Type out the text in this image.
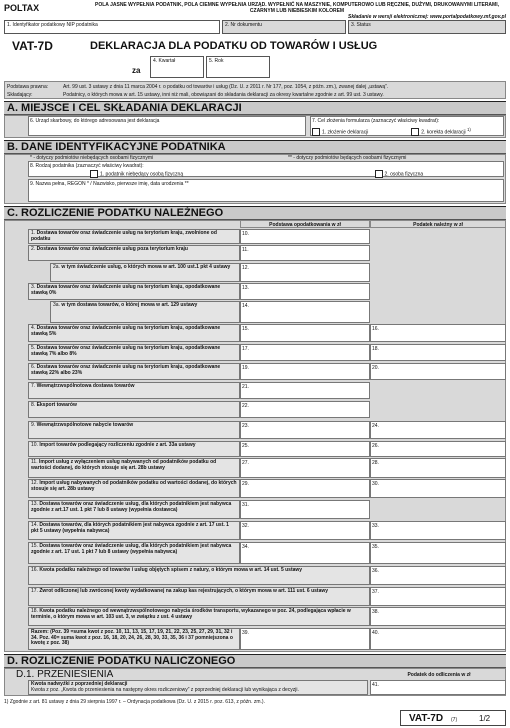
POLTAX	POLA JASNE WYPEŁNIA PODATNIK, POLA CIEMNE WYPEŁNIA URZĄD. WYPEŁNIĆ NA MASZYNIE, KOMPUTEROWO LUB RĘCZNIE, DUŻYMI, DRUKOWANYMI LITERAMI, CZARNYM LUB NIEBIESKIM KOLOREM
Składanie w wersji elektronicznej: www.portalpodatkowy.mf.gov.pl
1. Identyfikator podatkowy NIP podatnika	2. Nr dokumentu	3. Status
VAT-7D	DEKLARACJA DLA PODATKU OD TOWARÓW I USŁUG
za
4. Kwartał	5. Rok
Podstawa prawna:	Art. 99 ust. 3 ustawy z dnia 11 marca 2004 r. o podatku od towarów i usług (Dz. U. z 2011 r. Nr 177, poz. 1054, z późn. zm.), zwanej dalej „ustawą”.
Składający:	Podatnicy, o których mowa w art. 15 ustawy, inni niż mali, obowiązani do składania deklaracji za okresy kwartalne zgodnie z art. 99 ust. 3 ustawy.
A. MIEJSCE I CEL SKŁADANIA DEKLARACJI
6. Urząd skarbowy, do którego adresowana jest deklaracja	7. Cel złożenia formularza (zaznaczyć właściwy kwadrat):
1. złożenie deklaracji	2. korekta deklaracji $^{1)}$
B. DANE IDENTYFIKACYJNE PODATNIKA
* - dotyczy podmiotów niebędących osobami fizycznymi	** - dotyczy podmiotów będących osobami fizycznymi
8. Rodzaj podatnika (zaznaczyć właściwy kwadrat):
1. podatnik niebędący osobą fizyczną	2. osoba fizyczna
9. Nazwa pełna, REGON * / Nazwisko, pierwsze imię, data urodzenia **
C. ROZLICZENIE PODATKU NALEŻNEGO
Podstawa opodatkowania w zł	Podatek należny w zł
1. Dostawa towarów oraz świadczenie usług na terytorium kraju, zwolnione od podatku
10.
2. Dostawa towarów oraz świadczenie usług poza terytorium kraju	11.
2a. w tym świadczenie usług, o których mowa w art. 100 ust.1 pkt 4 ustawy	12.
3. Dostawa towarów oraz świadczenie usług na terytorium kraju, opodatkowane stawką 0%
13.
3a. w tym dostawa towarów, o której mowa w art. 129 ustawy	14.
4. Dostawa towarów oraz świadczenie usług na terytorium kraju, opodatkowane stawką 5%
15.	16.
5. Dostawa towarów oraz świadczenie usług na terytorium kraju, opodatkowane stawką 7% albo 8%
17.	18.
6. Dostawa towarów oraz świadczenie usług na terytorium kraju, opodatkowane stawką 22% albo 23%
19.	20.
7. Wewnątrzwspólnotowa dostawa towarów	21.
8. Eksport towarów	22.
9. Wewnątrzwspólnotowe nabycie towarów	23.	24.
10. Import towarów podlegający rozliczeniu zgodnie z art. 33a ustawy	25.	26.
11. Import usług z wyłączeniem usług nabywanych od podatników podatku od wartości dodanej, do których stosuje się art. 28b ustawy
27.	28.
12. Import usług nabywanych od podatników podatku od wartości dodanej, do których stosuje się art. 28b ustawy
29.	30.
13. Dostawa towarów oraz świadczenie usług, dla których podatnikiem jest nabywca zgodnie z art.17 ust. 1 pkt 7 lub 8 ustawy (wypełnia dostawca)
31.
14. Dostawa towarów, dla których podatnikiem jest nabywca zgodnie z art. 17 ust. 1 pkt 5 ustawy (wypełnia nabywca)
32.	33.
15. Dostawa towarów oraz świadczenie usług, dla których podatnikiem jest nabywca zgodnie z art. 17 ust. 1 pkt 7 lub 8 ustawy (wypełnia nabywca)
34.	35.
16. Kwota podatku należnego od towarów i usług objętych spisem z natury, o którym mowa w art. 14 ust. 5 ustawy	36.
17. Zwrot odliczonej lub zwróconej kwoty wydatkowanej na zakup kas rejestrujących, o którym mowa w art. 111 ust. 6 ustawy	37.
18. Kwota podatku należnego od wewnątrzwspólnotowego nabycia środków transportu, wykazanego w poz. 24, podlegająca wpłacie w terminie, o którym mowa w art. 103 ust. 3, w związku z ust. 4 ustawy
38.
Razem: (Poz. 39 =suma kwot z poz. 10, 11, 13, 15, 17, 19, 21, 22, 23, 25, 27, 29, 31, 32 i 34. Poz. 40= suma kwot z poz. 16, 18, 20, 24, 26, 28, 30, 33, 35, 36 i 37 pomniejszona o kwotę z poz. 38)
39.	40.
D. ROZLICZENIE PODATKU NALICZONEGO
D.1. PRZENIESIENIA	Podatek do odliczenia w zł
Kwota nadwyżki z poprzedniej deklaracji
Kwota z poz. „Kwota do przeniesienia na następny okres rozliczeniowy” z poprzedniej deklaracji lub wynikająca z decyzji.
41.
1) Zgodnie z art. 81 ustawy z dnia 29 sierpnia 1997 r. – Ordynacja podatkowa (Dz. U. z 2015 r. poz. 613, z późn. zm.).
VAT-7D (7)	1/2
